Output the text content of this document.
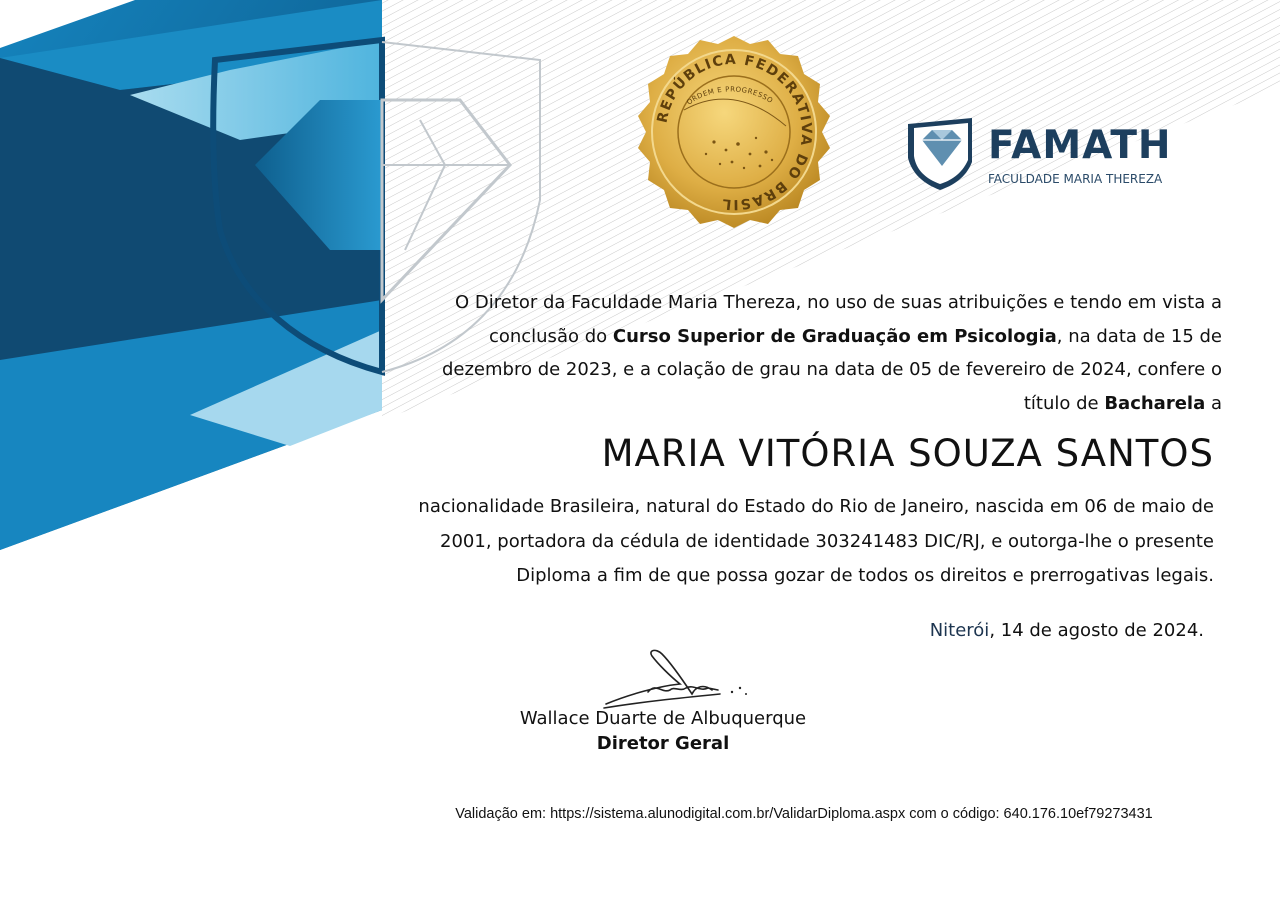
REPÚBLICA FEDERATIVA DO BRASIL
ORDEM E PROGRESSO
FAMATH
FACULDADE MARIA THEREZA
O Diretor da Faculdade Maria Thereza, no uso de suas atribuições e tendo em vista a conclusão do Curso Superior de Graduação em Psicologia, na data de 15 de dezembro de 2023, e a colação de grau na data de 05 de fevereiro de 2024, confere o título de Bacharela a
MARIA VITÓRIA SOUZA SANTOS
nacionalidade Brasileira, natural do Estado do Rio de Janeiro, nascida em 06 de maio de 2001, portadora da cédula de identidade 303241483 DIC/RJ, e outorga-lhe o presente Diploma a fim de que possa gozar de todos os direitos e prerrogativas legais.
Niterói, 14 de agosto de 2024.
Wallace Duarte de Albuquerque
Diretor Geral
Validação em: https://sistema.alunodigital.com.br/ValidarDiploma.aspx com o código: 640.176.10ef79273431
